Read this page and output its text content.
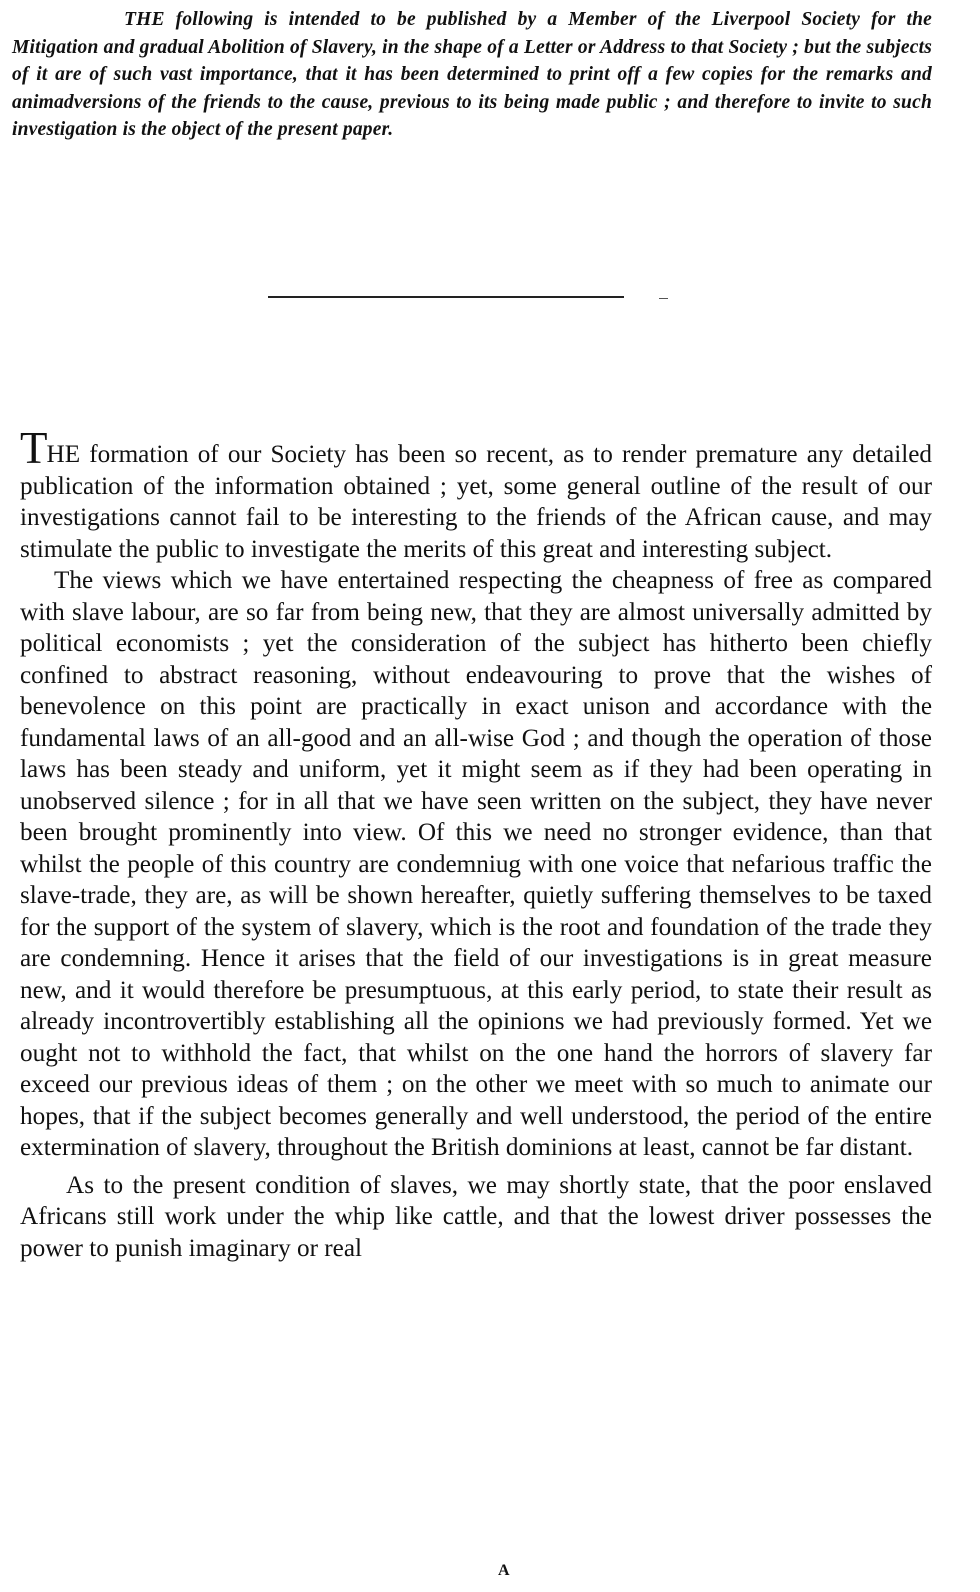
THE following is intended to be published by a Member of the Liverpool Society for the Mitigation and gradual Abolition of Slavery, in the shape of a Letter or Address to that Society ; but the subjects of it are of such vast importance, that it has been determined to print off a few copies for the remarks and animadversions of the friends to the cause, previous to its being made public ; and therefore to invite to such investigation is the object of the present paper.

THE formation of our Society has been so recent, as to render premature any detailed publication of the information obtained ; yet, some general outline of the result of our investigations cannot fail to be interesting to the friends of the African cause, and may stimulate the public to investigate the merits of this great and interesting subject.

The views which we have entertained respecting the cheapness of free as compared with slave labour, are so far from being new, that they are almost universally admitted by political economists ; yet the consideration of the subject has hitherto been chiefly confined to abstract reasoning, without endeavouring to prove that the wishes of benevolence on this point are practically in exact unison and accordance with the fundamental laws of an all-good and an all-wise God ; and though the operation of those laws has been steady and uniform, yet it might seem as if they had been operating in unobserved silence ; for in all that we have seen written on the subject, they have never been brought prominently into view. Of this we need no stronger evidence, than that whilst the people of this country are condemniug with one voice that nefarious traffic the slave-trade, they are, as will be shown hereafter, quietly suffering themselves to be taxed for the support of the system of slavery, which is the root and foundation of the trade they are condemning. Hence it arises that the field of our investigations is in great measure new, and it would therefore be presumptuous, at this early period, to state their result as already incontrovertibly establishing all the opinions we had previously formed. Yet we ought not to withhold the fact, that whilst on the one hand the horrors of slavery far exceed our previous ideas of them ; on the other we meet with so much to animate our hopes, that if the subject becomes generally and well understood, the period of the entire extermination of slavery, throughout the British dominions at least, cannot be far distant.

As to the present condition of slaves, we may shortly state, that the poor enslaved Africans still work under the whip like cattle, and that the lowest driver possesses the power to punish imaginary or real

A
